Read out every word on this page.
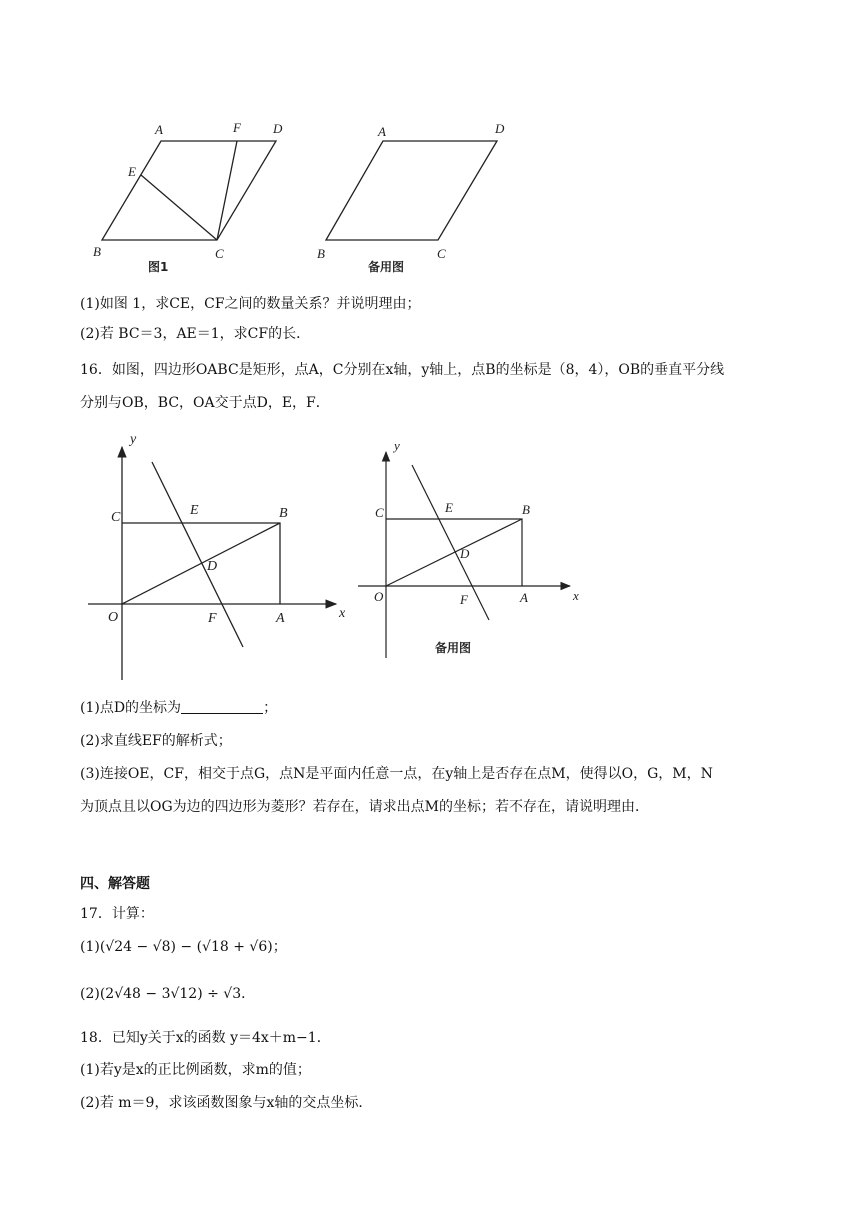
A	F D
E
B	C
图1
A	D
B	C
备用图
(1)如图 1，求CE，CF之间的数量关系？并说明理由；
(2)若 BC＝3，AE＝1，求CF的长．
16．如图，四边形OABC是矩形，点A，C分别在x轴，y轴上，点B的坐标是（8，4），OB的垂直平分线
分别与OB，BC，OA交于点D，E，F．
y
x
C	E	B
D
O	F	A
y
x
C	E	B
D
O	F	A
备用图
(1)点D的坐标为	；
(2)求直线EF的解析式；
(3)连接OE，CF，相交于点G，点N是平面内任意一点，在y轴上是否存在点M，使得以O，G，M，N
为顶点且以OG为边的四边形为菱形？若存在，请求出点M的坐标；若不存在，请说明理由．
四、解答题
17．计算：
(1)(√24 − √8) − (√18 + √6)；
(2)(2√48 − 3√12) ÷ √3．
18．已知y关于x的函数 y＝4x＋m−1．
(1)若y是x的正比例函数，求m的值；
(2)若 m＝9，求该函数图象与x轴的交点坐标．
